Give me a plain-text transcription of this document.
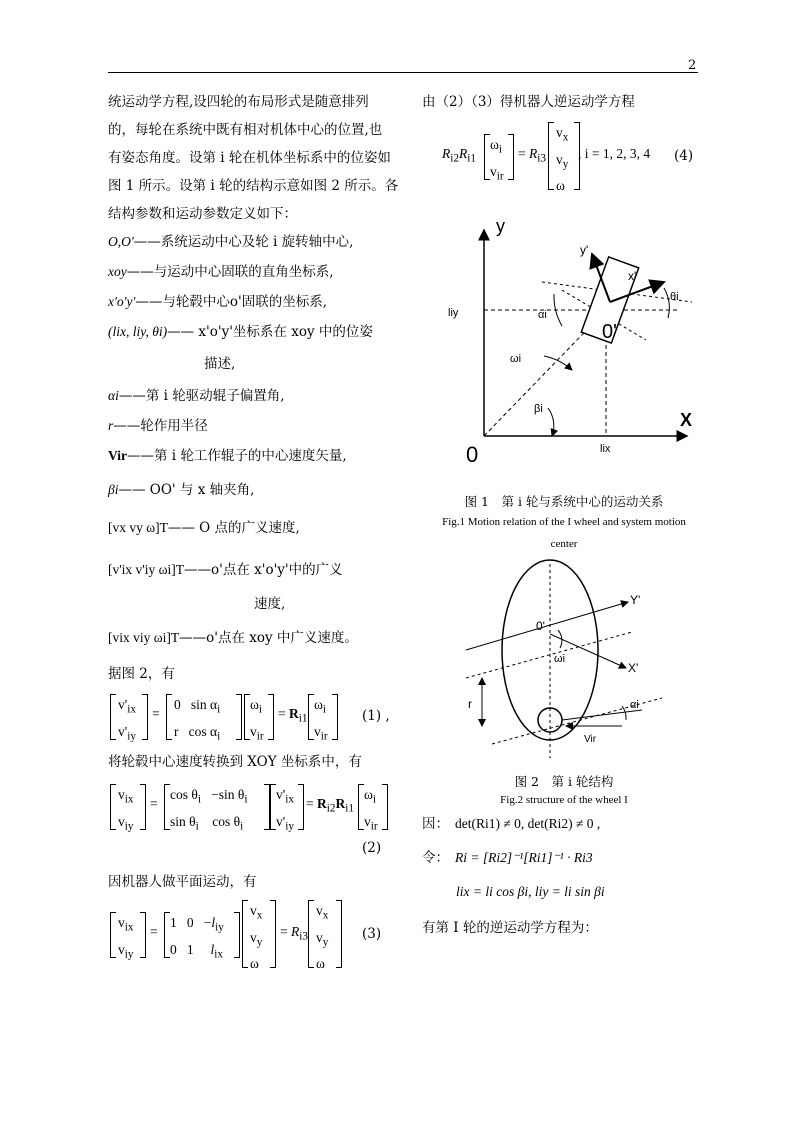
2
统运动学方程,设四轮的布局形式是随意排列
的，每轮在系统中既有相对机体中心的位置,也
有姿态角度。设第 i 轮在机体坐标系中的位姿如
图 1 所示。设第 i 轮的结构示意如图 2 所示。各
结构参数和运动参数定义如下：
O,O'——系统运动中心及轮 i 旋转轴中心,
xoy——与运动中心固联的直角坐标系,
x'o'y'——与轮毂中心o'固联的坐标系,
(lix, liy, θi)—— x'o'y'坐标系在 xoy 中的位姿
描述,
αi——第 i 轮驱动辊子偏置角,
r——轮作用半径
Vir——第 i 轮工作辊子的中心速度矢量,
βi—— OO' 与 x 轴夹角,
[vx vy ω]T—— O 点的广义速度,
[v'ix v'iy ωi]T——o'点在 x'o'y'中的广义
速度,
[vix viy ωi]T——o'点在 xoy 中广义速度。
据图 2，有
$v'_{ix}$
$v'_{iy}$
=
0   $\sin \alpha_i$
r   $\cos \alpha_i$
$\omega_i$
$v_{ir}$
= $R_{i1}$
$\omega_i$
$v_{ir}$
(1) ,
将轮毂中心速度转换到 XOY 坐标系中，有
$v_{ix}$
$v_{iy}$
=
$\cos \theta_i -\sin$ $\theta_i$
$\sin \theta_i$    $\cos \theta_i$
$v'_{ix}$
$v'_{iy}$
= $R_{i2}R_{i1}$
$\omega_i$
$v_{ir}$
(2)
因机器人做平面运动，有
$v_{ix}$
$v_{iy}$
=
1   $0 -l_{iy}$
0   1     $l_{ix}$
$v_x$
$v_y$
ω
= $R_{i3}$
$v_x$
$v_y$
ω
(3)
由（2）（3）得机器人逆运动学方程
$R_{i2}R_{i1}$
$\omega_i$
$v_{ir}$
= $R_{i3}$
$v_x$
$v_y$
ω
, i = 1, 2, 3, 4 (4)
y
X
0
y'
x'
0'
liy
lix
αi
ωi
βi
θi
图 1　第 i 轮与系统中心的运动关系
Fig.1 Motion relation of the I wheel and system motion
center
0'
Y'
X'
ωi
r	αi
Vir
图 2　第 i 轮结构
Fig.2 structure of the wheel I
因： det(Ri1) ≠ 0, det(Ri2) ≠ 0 ,
令： Ri = [Ri2]⁻¹[Ri1]⁻¹ · Ri3
lix = li cos βi, liy = li sin βi
有第 I 轮的逆运动学方程为：
